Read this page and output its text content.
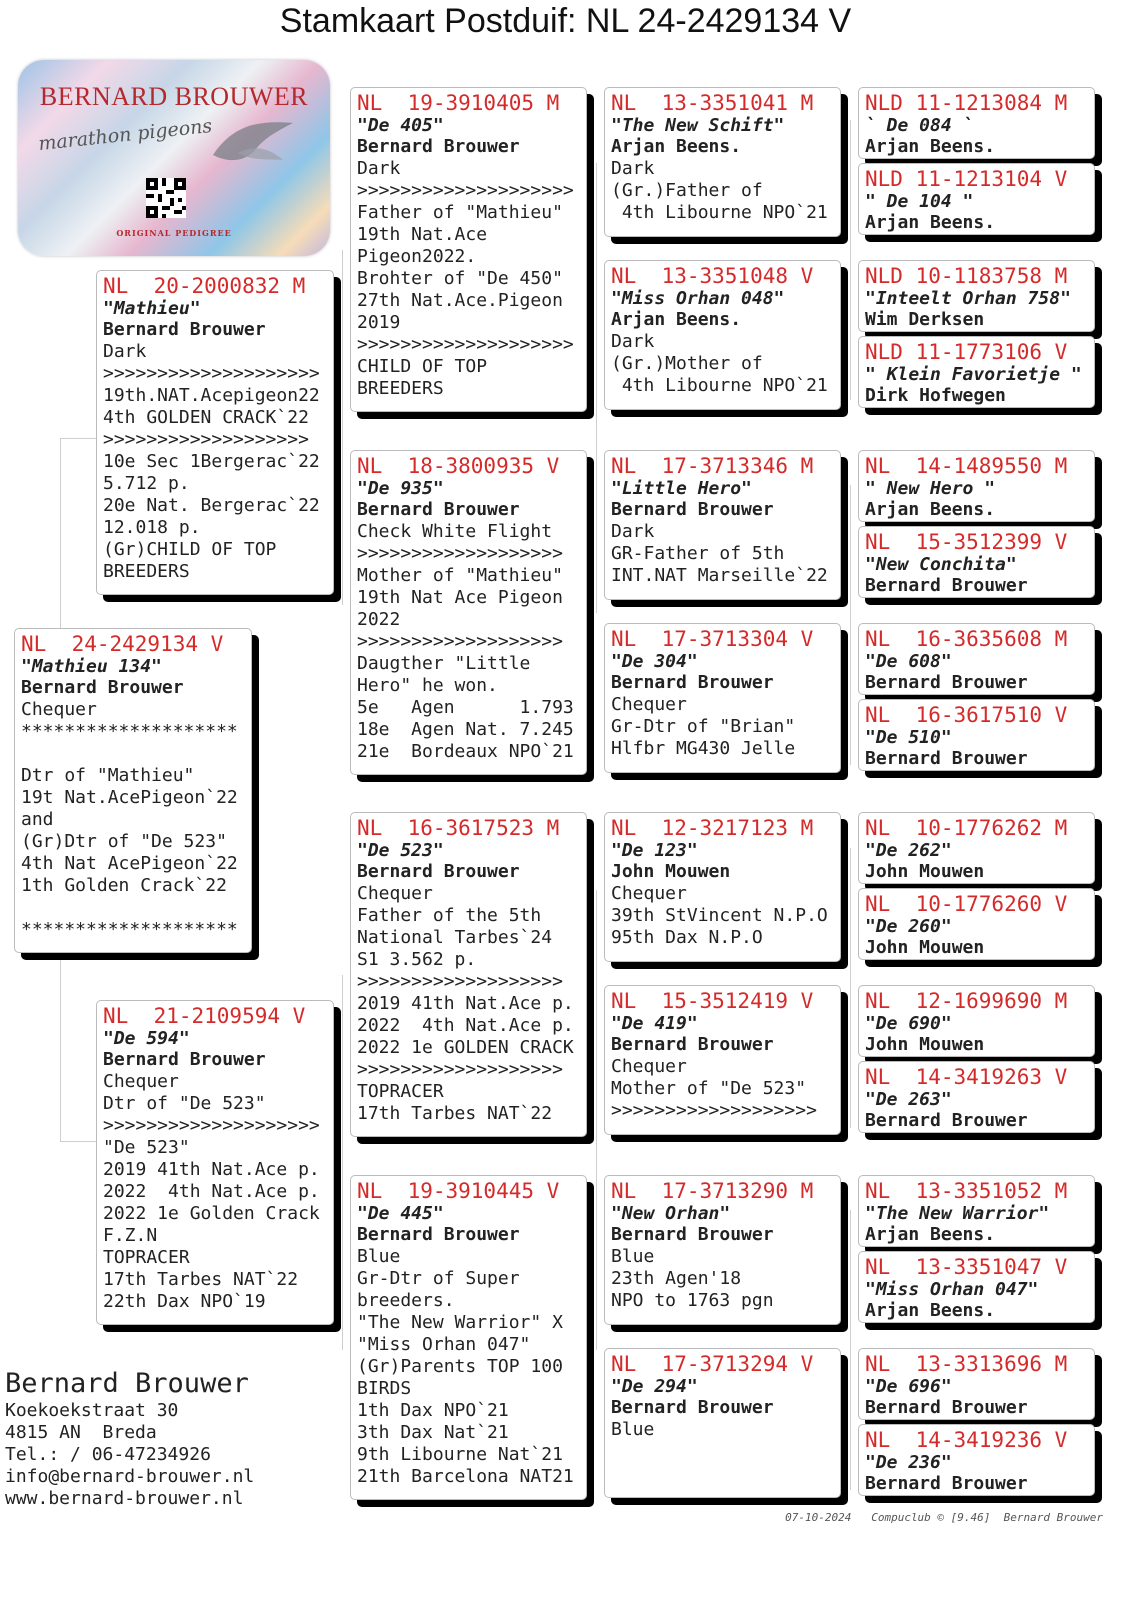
Stamkaart Postduif: NL 24-2429134 V
BERNARD BROUWER
marathon pigeons
ORIGINAL PEDIGREE
NL  24-2429134 V
"Mathieu 134"
Bernard Brouwer
Chequer
********************

Dtr of "Mathieu"
19t Nat.AcePigeon`22
and
(Gr)Dtr of "De 523"
4th Nat AcePigeon`22
1th Golden Crack`22

********************
NL  20-2000832 M
"Mathieu"
Bernard Brouwer
Dark
>>>>>>>>>>>>>>>>>>>>
19th.NAT.Acepigeon22
4th GOLDEN CRACK`22
>>>>>>>>>>>>>>>>>>>
10e Sec 1Bergerac`22
5.712 p.
20e Nat. Bergerac`22
12.018 p.
(Gr)CHILD OF TOP
BREEDERS
NL  21-2109594 V
"De 594"
Bernard Brouwer
Chequer
Dtr of "De 523"
>>>>>>>>>>>>>>>>>>>>
"De 523"
2019 41th Nat.Ace p.
2022  4th Nat.Ace p.
2022 1e Golden Crack
F.Z.N
TOPRACER
17th Tarbes NAT`22
22th Dax NPO`19
NL  19-3910405 M
"De 405"
Bernard Brouwer
Dark
>>>>>>>>>>>>>>>>>>>>
Father of "Mathieu"
19th Nat.Ace
Pigeon2022.
Brohter of "De 450"
27th Nat.Ace.Pigeon
2019
>>>>>>>>>>>>>>>>>>>>
CHILD OF TOP
BREEDERS
NL  18-3800935 V
"De 935"
Bernard Brouwer
Check White Flight
>>>>>>>>>>>>>>>>>>>
Mother of "Mathieu"
19th Nat Ace Pigeon
2022
>>>>>>>>>>>>>>>>>>>
Daugther "Little
Hero" he won.
5e   Agen      1.793
18e  Agen Nat. 7.245
21e  Bordeaux NPO`21
NL  16-3617523 M
"De 523"
Bernard Brouwer
Chequer
Father of the 5th
National Tarbes`24
S1 3.562 p.
>>>>>>>>>>>>>>>>>>>
2019 41th Nat.Ace p.
2022  4th Nat.Ace p.
2022 1e GOLDEN CRACK
>>>>>>>>>>>>>>>>>>>
TOPRACER
17th Tarbes NAT`22
NL  19-3910445 V
"De 445"
Bernard Brouwer
Blue
Gr-Dtr of Super
breeders.
"The New Warrior" X
"Miss Orhan 047"
(Gr)Parents TOP 100
BIRDS
1th Dax NPO`21
3th Dax Nat`21
9th Libourne Nat`21
21th Barcelona NAT21
NL  13-3351041 M
"The New Schift"
Arjan Beens.
Dark
(Gr.)Father of
4th Libourne NPO`21
NL  13-3351048 V
"Miss Orhan 048"
Arjan Beens.
Dark
(Gr.)Mother of
4th Libourne NPO`21
NL  17-3713346 M
"Little Hero"
Bernard Brouwer
Dark
GR-Father of 5th
INT.NAT Marseille`22
NL  17-3713304 V
"De 304"
Bernard Brouwer
Chequer
Gr-Dtr of "Brian"
Hlfbr MG430 Jelle
NL  12-3217123 M
"De 123"
John Mouwen
Chequer
39th StVincent N.P.O
95th Dax N.P.O
NL  15-3512419 V
"De 419"
Bernard Brouwer
Chequer
Mother of "De 523"
>>>>>>>>>>>>>>>>>>>
NL  17-3713290 M
"New Orhan"
Bernard Brouwer
Blue
23th Agen'18
NPO to 1763 pgn
NL  17-3713294 V
"De 294"
Bernard Brouwer
Blue
NLD 11-1213084 M
` De 084 `
Arjan Beens.
NLD 11-1213104 V
" De 104 "
Arjan Beens.
NLD 10-1183758 M
"Inteelt Orhan 758"
Wim Derksen
NLD 11-1773106 V
" Klein Favorietje "
Dirk Hofwegen
NL  14-1489550 M
" New Hero "
Arjan Beens.
NL  15-3512399 V
"New Conchita"
Bernard Brouwer
NL  16-3635608 M
"De 608"
Bernard Brouwer
NL  16-3617510 V
"De 510"
Bernard Brouwer
NL  10-1776262 M
"De 262"
John Mouwen
NL  10-1776260 V
"De 260"
John Mouwen
NL  12-1699690 M
"De 690"
John Mouwen
NL  14-3419263 V
"De 263"
Bernard Brouwer
NL  13-3351052 M
"The New Warrior"
Arjan Beens.
NL  13-3351047 V
"Miss Orhan 047"
Arjan Beens.
NL  13-3313696 M
"De 696"
Bernard Brouwer
NL  14-3419236 V
"De 236"
Bernard Brouwer
Bernard Brouwer
Koekoekstraat 30
4815 AN  Breda
Tel.: / 06-47234926
info@bernard-brouwer.nl
www.bernard-brouwer.nl
07-10-2024   Compuclub © [9.46]  Bernard Brouwer
